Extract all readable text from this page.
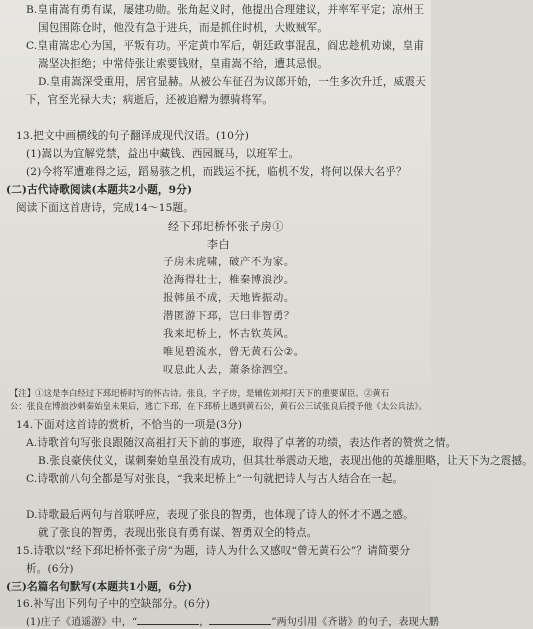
B.皇甫嵩有勇有谋，屡建功勋。张角起义时，他提出合理建议，并率军平定；凉州王
国包围陈仓时，他没有急于进兵，而是抓住时机，大败贼军。
C.皇甫嵩忠心为国，平叛有功。平定黄巾军后，朝廷政事混乱，阎忠趁机劝谏，皇甫
嵩坚决拒绝；中常侍张让索要钱财，皇甫嵩不给，遭其忌恨。
D.皇甫嵩深受重用，居官显赫。从被公车征召为议郎开始，一生多次升迁，威震天
下，官至光禄大夫；病逝后，还被追赠为骠骑将军。
13.把文中画横线的句子翻译成现代汉语。(10分)
(1)嵩以为宜解党禁，益出中藏钱、西园厩马，以班军士。
(2)今将军遭难得之运，蹈易骇之机，而践运不抚，临机不发，将何以保大名乎？
(二)古代诗歌阅读(本题共2小题，9分)
阅读下面这首唐诗，完成14～15题。
经下邳圯桥怀张子房①
李白
子房未虎啸，破产不为家。
沧海得壮士，椎秦博浪沙。
报韩虽不成，天地皆振动。
潜匿游下邳，岂曰非智勇？
我来圯桥上，怀古钦英风。
唯见碧流水，曾无黄石公②。
叹息此人去，萧条徐泗空。
【注】①这是李白经过下邳圯桥时写的怀古诗。张良，字子房，是辅佐刘邦打天下的重要谋臣。②黄石
公：张良在博浪沙刺秦始皇未果后，逃亡下邳，在下邳桥上遇到黄石公，黄石公三试张良后授予他《太公兵法》。
14.下面对这首诗的赏析，不恰当的一项是(3分)
A.诗歌首句写张良跟随汉高祖打天下前的事迹，取得了卓著的功绩，表达作者的赞赏之情。
B.张良豪侠仗义，谋刺秦始皇虽没有成功，但其壮举震动天地，表现出他的英雄胆略，让天下为之震撼。
C.诗歌前八句全都是写对张良，“我来圯桥上”一句就把诗人与古人结合在一起。
D.诗歌最后两句与首联呼应，表现了张良的智勇，也体现了诗人的怀才不遇之感。
就了张良的智勇，表现出张良有勇有谋、智勇双全的特点。
15.诗歌以“经下邳圯桥怀张子房”为题，诗人为什么又感叹“曾无黄石公”？请简要分
析。(6分)
(三)名篇名句默写(本题共1小题，6分)
16.补写出下列句子中的空缺部分。(6分)
(1)庄子《逍遥游》中，“	，	”两句引用《齐谐》的句子，表现大鹏
